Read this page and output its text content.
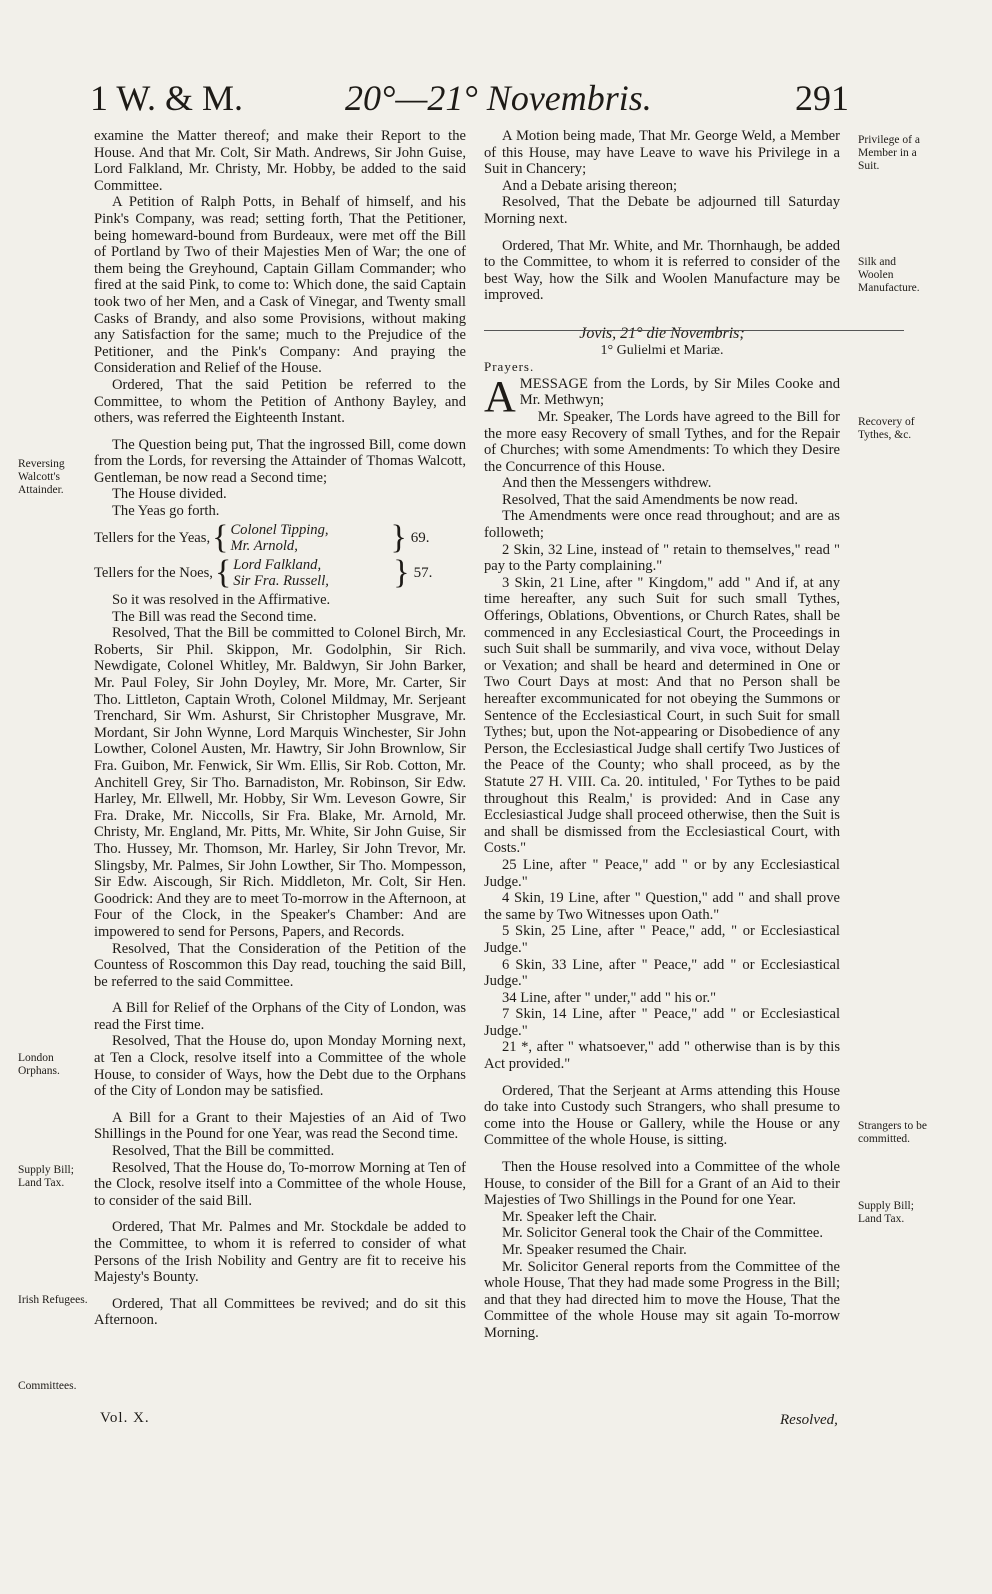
1 W. & M.	20°—21° Novembris.	291

examine the Matter thereof; and make their Report to the House. And that Mr. Colt, Sir Math. Andrews, Sir John Guise, Lord Falkland, Mr. Christy, Mr. Hobby, be added to the said Committee.

A Petition of Ralph Potts, in Behalf of himself, and his Pink's Company, was read; setting forth, That the Petitioner, being homeward-bound from Burdeaux, were met off the Bill of Portland by Two of their Majesties Men of War; the one of them being the Greyhound, Captain Gillam Commander; who fired at the said Pink, to come to: Which done, the said Captain took two of her Men, and a Cask of Vinegar, and Twenty small Casks of Brandy, and also some Provisions, without making any Satisfaction for the same; much to the Prejudice of the Petitioner, and the Pink's Company: And praying the Consideration and Relief of the House.

Ordered, That the said Petition be referred to the Committee, to whom the Petition of Anthony Bayley, and others, was referred the Eighteenth Instant.

The Question being put, That the ingrossed Bill, come down from the Lords, for reversing the Attainder of Thomas Walcott, Gentleman, be now read a Second time;

The House divided.

The Yeas go forth.

Tellers for the Yeas, { Colonel Tipping,
Mr. Arnold,	} 69.
Tellers for the Noes, { Lord Falkland,
Sir Fra. Russell,	} 57.

So it was resolved in the Affirmative.

The Bill was read the Second time.

Resolved, That the Bill be committed to Colonel Birch, Mr. Roberts, Sir Phil. Skippon, Mr. Godolphin, Sir Rich. Newdigate, Colonel Whitley, Mr. Baldwyn, Sir John Barker, Mr. Paul Foley, Sir John Doyley, Mr. More, Mr. Carter, Sir Tho. Littleton, Captain Wroth, Colonel Mildmay, Mr. Serjeant Trenchard, Sir Wm. Ashurst, Sir Christopher Musgrave, Mr. Mordant, Sir John Wynne, Lord Marquis Winchester, Sir John Lowther, Colonel Austen, Mr. Hawtry, Sir John Brownlow, Sir Fra. Guibon, Mr. Fenwick, Sir Wm. Ellis, Sir Rob. Cotton, Mr. Anchitell Grey, Sir Tho. Barnadiston, Mr. Robinson, Sir Edw. Harley, Mr. Ellwell, Mr. Hobby, Sir Wm. Leveson Gowre, Sir Fra. Drake, Mr. Niccolls, Sir Fra. Blake, Mr. Arnold, Mr. Christy, Mr. England, Mr. Pitts, Mr. White, Sir John Guise, Sir Tho. Hussey, Mr. Thomson, Mr. Harley, Sir John Trevor, Mr. Slingsby, Mr. Palmes, Sir John Lowther, Sir Tho. Mompesson, Sir Edw. Aiscough, Sir Rich. Middleton, Mr. Colt, Sir Hen. Goodrick: And they are to meet To-morrow in the Afternoon, at Four of the Clock, in the Speaker's Chamber: And are impowered to send for Persons, Papers, and Records.

Resolved, That the Consideration of the Petition of the Countess of Roscommon this Day read, touching the said Bill, be referred to the said Committee.

A Bill for Relief of the Orphans of the City of London, was read the First time.

Resolved, That the House do, upon Monday Morning next, at Ten a Clock, resolve itself into a Committee of the whole House, to consider of Ways, how the Debt due to the Orphans of the City of London may be satisfied.

A Bill for a Grant to their Majesties of an Aid of Two Shillings in the Pound for one Year, was read the Second time.

Resolved, That the Bill be committed.

Resolved, That the House do, To-morrow Morning at Ten of the Clock, resolve itself into a Committee of the whole House, to consider of the said Bill.

Ordered, That Mr. Palmes and Mr. Stockdale be added to the Committee, to whom it is referred to consider of what Persons of the Irish Nobility and Gentry are fit to receive his Majesty's Bounty.

Ordered, That all Committees be revived; and do sit this Afternoon.

Reversing Walcott's Attainder.
London Orphans.
Supply Bill; Land Tax.
Irish Refugees.
Committees.

A Motion being made, That Mr. George Weld, a Member of this House, may have Leave to wave his Privilege in a Suit in Chancery;

And a Debate arising thereon;

Resolved, That the Debate be adjourned till Saturday Morning next.

Ordered, That Mr. White, and Mr. Thornhaugh, be added to the Committee, to whom it is referred to consider of the best Way, how the Silk and Woolen Manufacture may be improved.

Jovis, 21° die Novembris;

1° Gulielmi et Mariæ.

Prayers.

AMESSAGE from the Lords, by Sir Miles Cooke and Mr. Methwyn;

Mr. Speaker, The Lords have agreed to the Bill for the more easy Recovery of small Tythes, and for the Repair of Churches; with some Amendments: To which they Desire the Concurrence of this House.

And then the Messengers withdrew.

Resolved, That the said Amendments be now read.

The Amendments were once read throughout; and are as followeth;

2 Skin, 32 Line, instead of " retain to themselves," read " pay to the Party complaining."

3 Skin, 21 Line, after " Kingdom," add " And if, at any time hereafter, any such Suit for such small Tythes, Offerings, Oblations, Obventions, or Church Rates, shall be commenced in any Ecclesiastical Court, the Proceedings in such Suit shall be summarily, and viva voce, without Delay or Vexation; and shall be heard and determined in One or Two Court Days at most: And that no Person shall be hereafter excommunicated for not obeying the Summons or Sentence of the Ecclesiastical Court, in such Suit for small Tythes; but, upon the Not-appearing or Disobedience of any Person, the Ecclesiastical Judge shall certify Two Justices of the Peace of the County; who shall proceed, as by the Statute 27 H. VIII. Ca. 20. intituled, ' For Tythes to be paid throughout this Realm,' is provided: And in Case any Ecclesiastical Judge shall proceed otherwise, then the Suit is and shall be dismissed from the Ecclesiastical Court, with Costs."

25 Line, after " Peace," add " or by any Ecclesiastical Judge."

4 Skin, 19 Line, after " Question," add " and shall prove the same by Two Witnesses upon Oath."

5 Skin, 25 Line, after " Peace," add, " or Ecclesiastical Judge."

6 Skin, 33 Line, after " Peace," add " or Ecclesiastical Judge."

34 Line, after " under," add " his or."

7 Skin, 14 Line, after " Peace," add " or Ecclesiastical Judge."

21 *, after " whatsoever," add " otherwise than is by this Act provided."

Ordered, That the Serjeant at Arms attending this House do take into Custody such Strangers, who shall presume to come into the House or Gallery, while the House or any Committee of the whole House, is sitting.

Then the House resolved into a Committee of the whole House, to consider of the Bill for a Grant of an Aid to their Majesties of Two Shillings in the Pound for one Year.

Mr. Speaker left the Chair.

Mr. Solicitor General took the Chair of the Committee.

Mr. Speaker resumed the Chair.

Mr. Solicitor General reports from the Committee of the whole House, That they had made some Progress in the Bill; and that they had directed him to move the House, That the Committee of the whole House may sit again To-morrow Morning.

Privilege of a Member in a Suit.
Silk and Woolen Manufacture.
Recovery of Tythes, &c.
Strangers to be committed.
Supply Bill; Land Tax.
Vol. X.	Resolved,
